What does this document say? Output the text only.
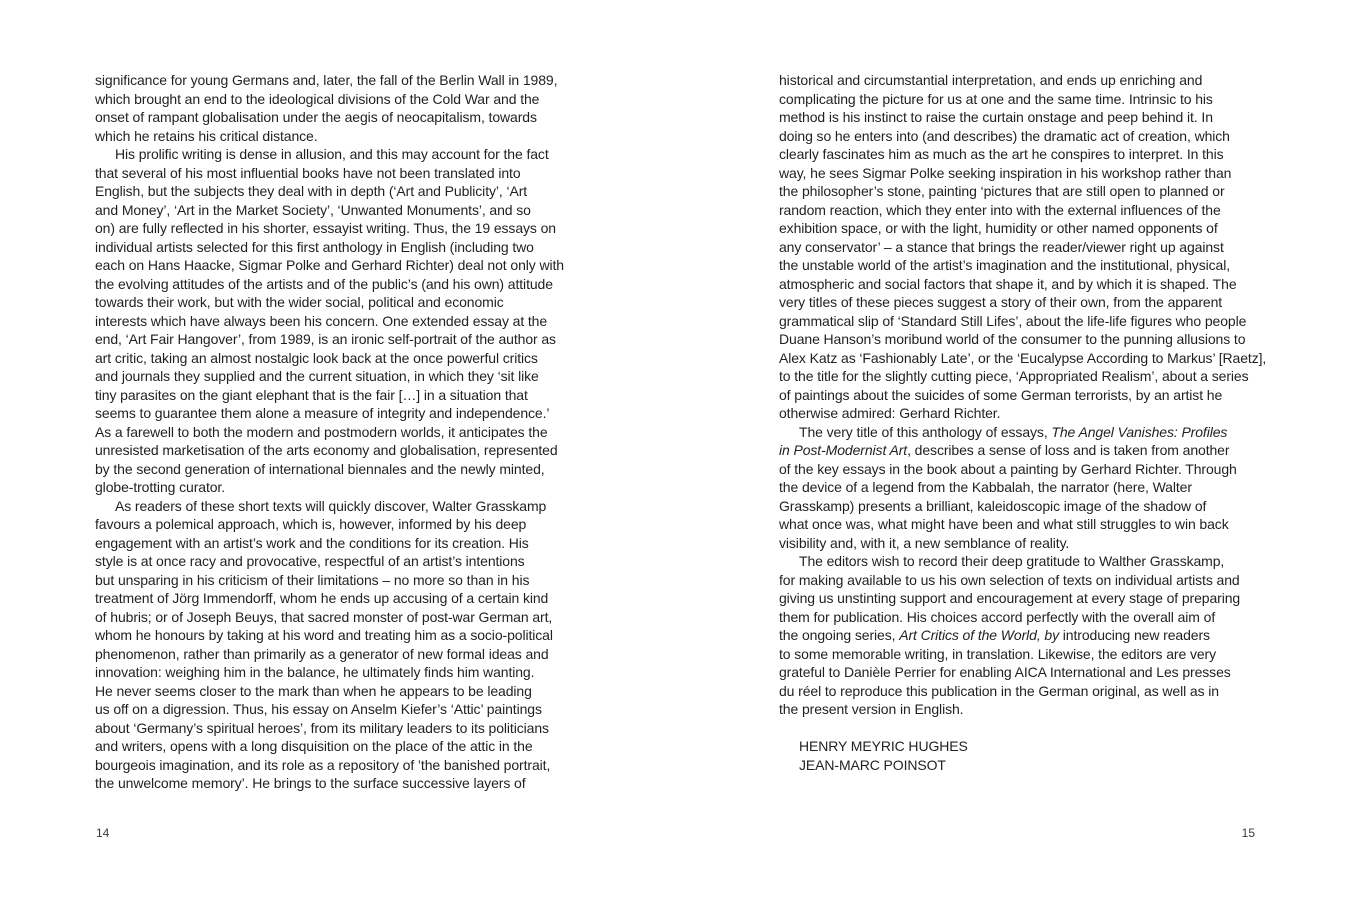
significance for young Germans and, later, the fall of the Berlin Wall in 1989,
which brought an end to the ideological divisions of the Cold War and the
onset of rampant globalisation under the aegis of neocapitalism, towards
which he retains his critical distance.
His prolific writing is dense in allusion, and this may account for the fact
that several of his most influential books have not been translated into
English, but the subjects they deal with in depth (‘Art and Publicity’, ‘Art
and Money’, ‘Art in the Market Society’, ‘Unwanted Monuments’, and so
on) are fully reflected in his shorter, essayist writing. Thus, the 19 essays on
individual artists selected for this first anthology in English (including two
each on Hans Haacke, Sigmar Polke and Gerhard Richter) deal not only with
the evolving attitudes of the artists and of the public’s (and his own) attitude
towards their work, but with the wider social, political and economic
interests which have always been his concern. One extended essay at the
end, ‘Art Fair Hangover’, from 1989, is an ironic self-portrait of the author as
art critic, taking an almost nostalgic look back at the once powerful critics
and journals they supplied and the current situation, in which they ‘sit like
tiny parasites on the giant elephant that is the fair […] in a situation that
seems to guarantee them alone a measure of integrity and independence.’
As a farewell to both the modern and postmodern worlds, it anticipates the
unresisted marketisation of the arts economy and globalisation, represented
by the second generation of international biennales and the newly minted,
globe-trotting curator.
As readers of these short texts will quickly discover, Walter Grasskamp
favours a polemical approach, which is, however, informed by his deep
engagement with an artist’s work and the conditions for its creation. His
style is at once racy and provocative, respectful of an artist’s intentions
but unsparing in his criticism of their limitations – no more so than in his
treatment of Jörg Immendorff, whom he ends up accusing of a certain kind
of hubris; or of Joseph Beuys, that sacred monster of post-war German art,
whom he honours by taking at his word and treating him as a socio-political
phenomenon, rather than primarily as a generator of new formal ideas and
innovation: weighing him in the balance, he ultimately finds him wanting.
He never seems closer to the mark than when he appears to be leading
us off on a digression. Thus, his essay on Anselm Kiefer’s ‘Attic’ paintings
about ‘Germany’s spiritual heroes’, from its military leaders to its politicians
and writers, opens with a long disquisition on the place of the attic in the
bourgeois imagination, and its role as a repository of ’the banished portrait,
the unwelcome memory’. He brings to the surface successive layers of
14
historical and circumstantial interpretation, and ends up enriching and
complicating the picture for us at one and the same time. Intrinsic to his
method is his instinct to raise the curtain onstage and peep behind it. In
doing so he enters into (and describes) the dramatic act of creation, which
clearly fascinates him as much as the art he conspires to interpret. In this
way, he sees Sigmar Polke seeking inspiration in his workshop rather than
the philosopher’s stone, painting ‘pictures that are still open to planned or
random reaction, which they enter into with the external influences of the
exhibition space, or with the light, humidity or other named opponents of
any conservator’ – a stance that brings the reader/viewer right up against
the unstable world of the artist’s imagination and the institutional, physical,
atmospheric and social factors that shape it, and by which it is shaped. The
very titles of these pieces suggest a story of their own, from the apparent
grammatical slip of ‘Standard Still Lifes’, about the life-life figures who people
Duane Hanson’s moribund world of the consumer to the punning allusions to
Alex Katz as ‘Fashionably Late’, or the ‘Eucalypse According to Markus’ [Raetz],
to the title for the slightly cutting piece, ‘Appropriated Realism’, about a series
of paintings about the suicides of some German terrorists, by an artist he
otherwise admired: Gerhard Richter.
The very title of this anthology of essays, The Angel Vanishes: Profiles
in Post-Modernist Art, describes a sense of loss and is taken from another
of the key essays in the book about a painting by Gerhard Richter. Through
the device of a legend from the Kabbalah, the narrator (here, Walter
Grasskamp) presents a brilliant, kaleidoscopic image of the shadow of
what once was, what might have been and what still struggles to win back
visibility and, with it, a new semblance of reality.
The editors wish to record their deep gratitude to Walther Grasskamp,
for making available to us his own selection of texts on individual artists and
giving us unstinting support and encouragement at every stage of preparing
them for publication. His choices accord perfectly with the overall aim of
the ongoing series, Art Critics of the World, by introducing new readers
to some memorable writing, in translation. Likewise, the editors are very
grateful to Danièle Perrier for enabling AICA International and Les presses
du réel to reproduce this publication in the German original, as well as in
the present version in English.

HENRY MEYRIC HUGHES
JEAN-MARC POINSOT
15
